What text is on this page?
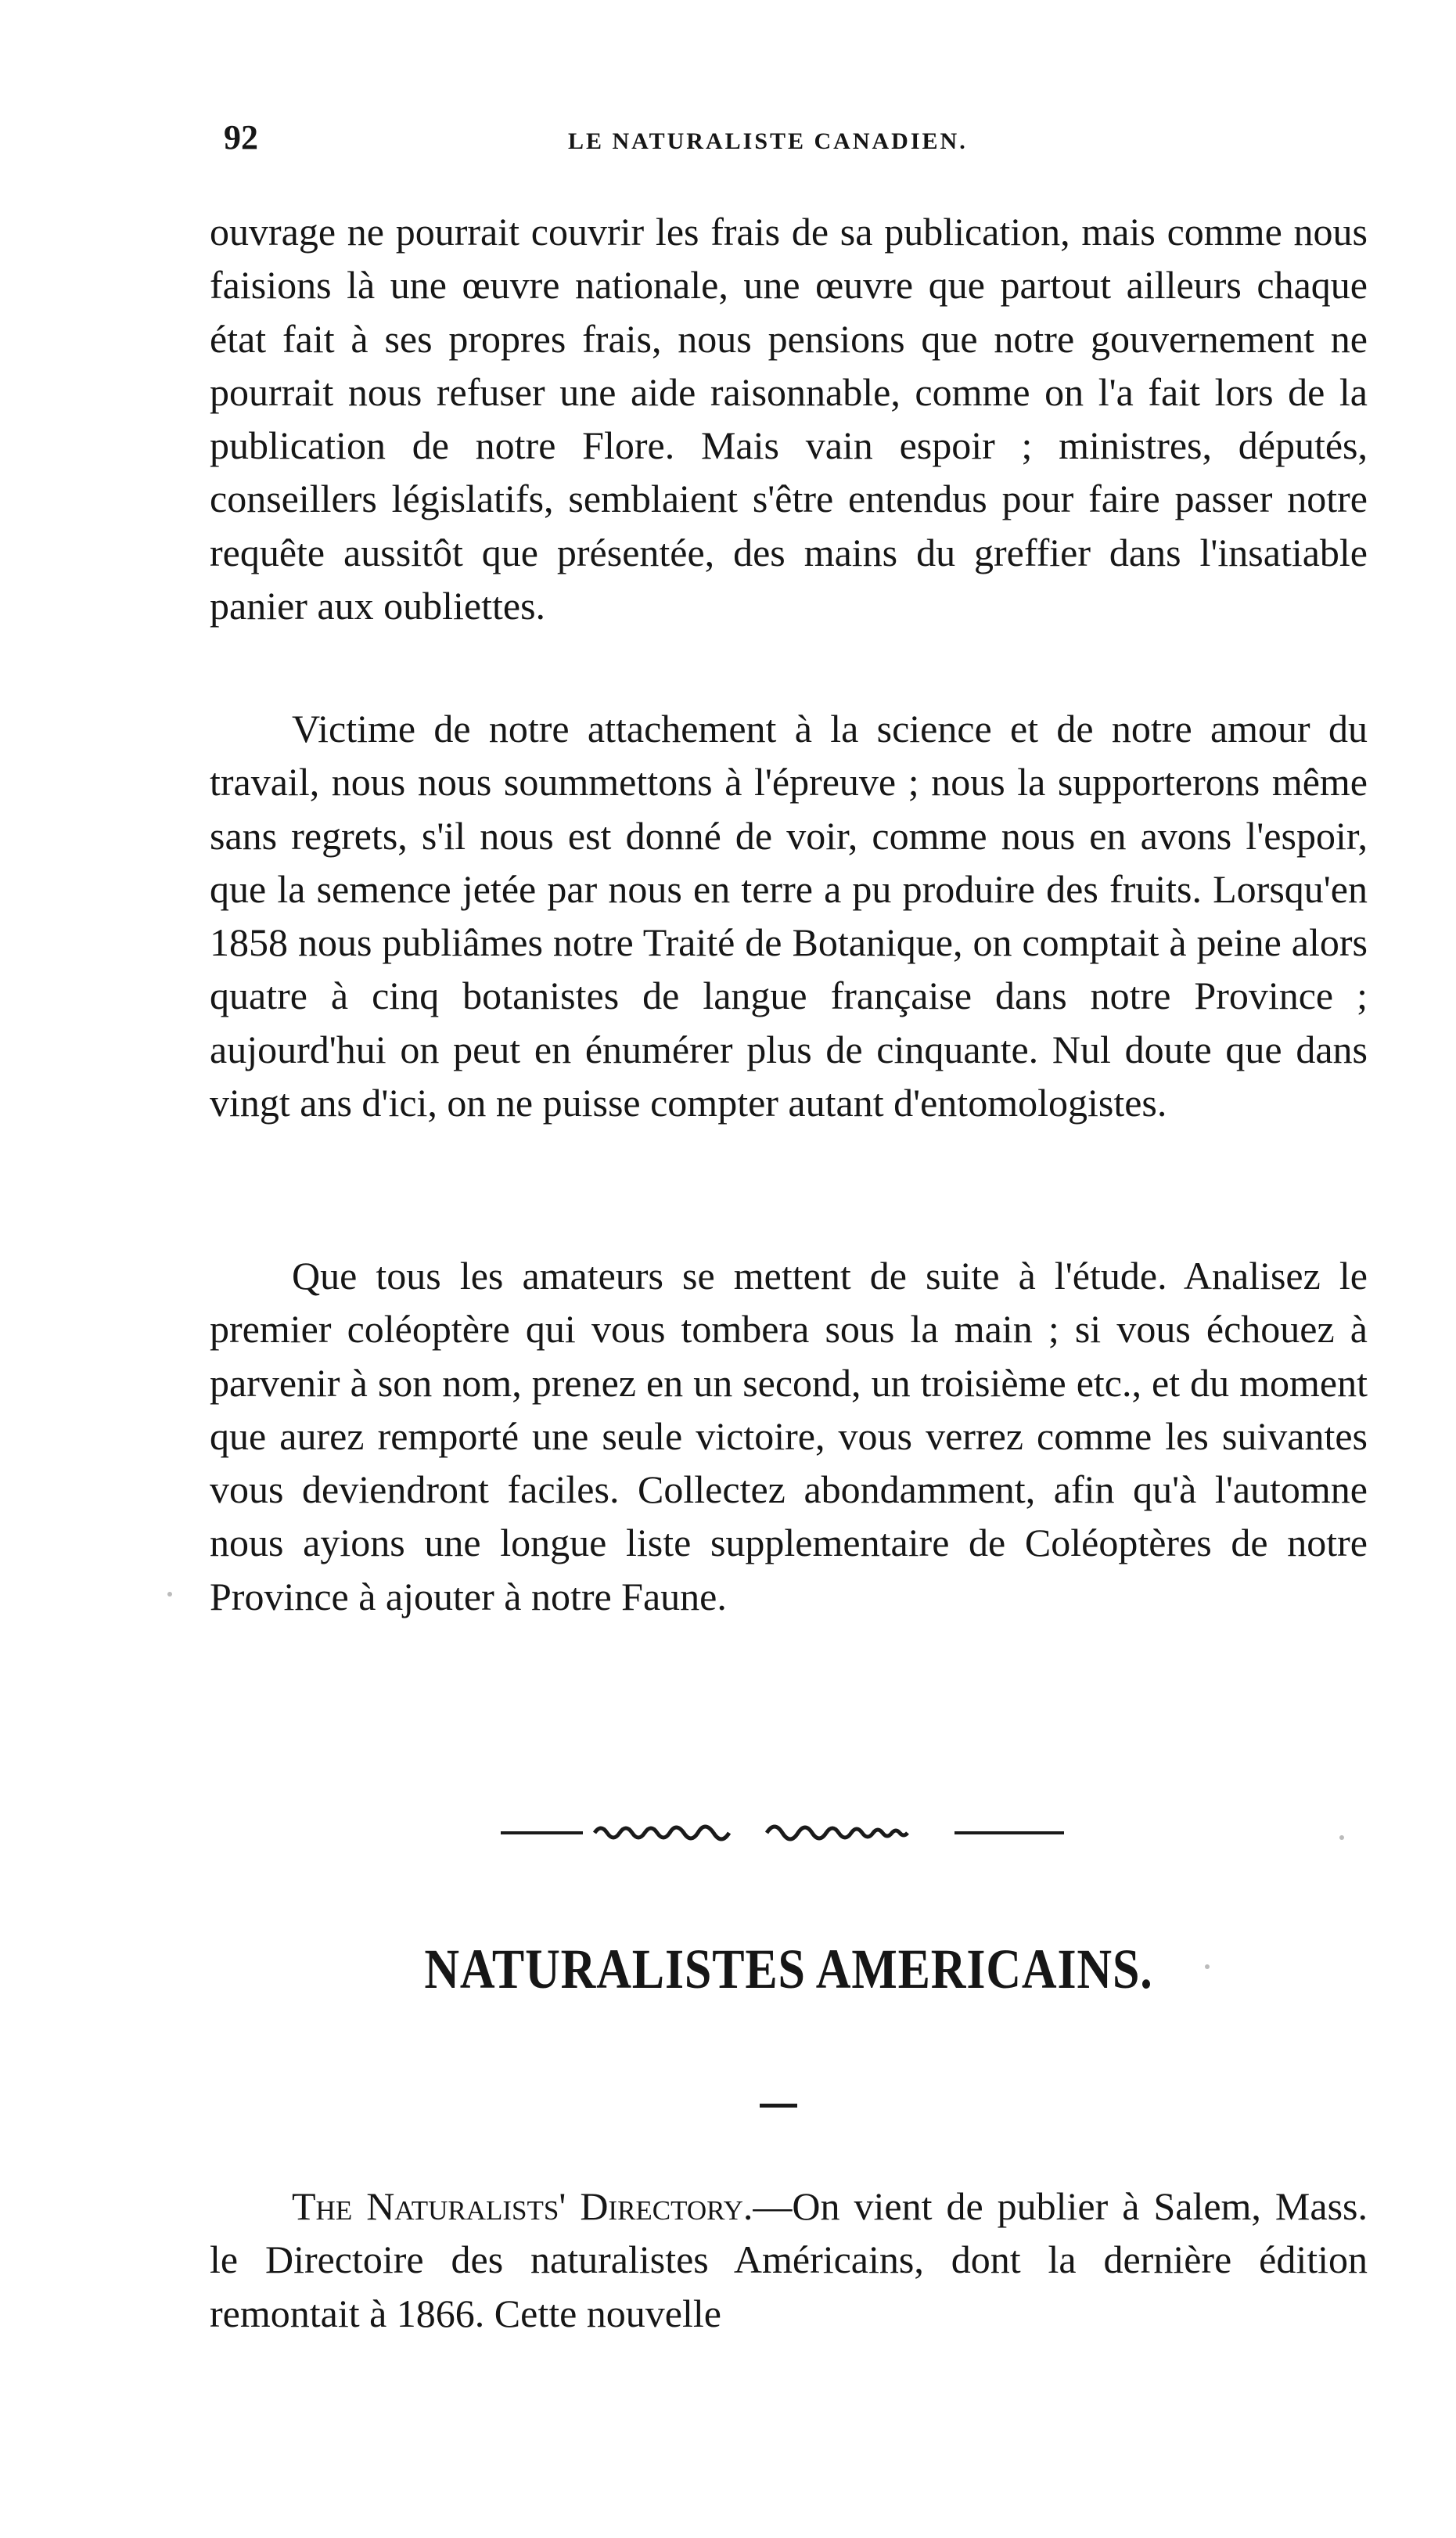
92	LE NATURALISTE CANADIEN.

ouvrage ne pourrait couvrir les frais de sa publication, mais comme nous faisions là une œuvre nationale, une œuvre que partout ailleurs chaque état fait à ses propres frais, nous pensions que notre gouvernement ne pourrait nous refuser une aide raisonnable, comme on l'a fait lors de la publication de notre Flore. Mais vain espoir ; ministres, députés, conseillers législatifs, semblaient s'être entendus pour faire passer notre requête aussitôt que présentée, des mains du greffier dans l'insatiable panier aux oubliettes.

Victime de notre attachement à la science et de notre amour du travail, nous nous soummettons à l'épreuve ; nous la supporterons même sans regrets, s'il nous est donné de voir, comme nous en avons l'espoir, que la semence jetée par nous en terre a pu produire des fruits. Lorsqu'en 1858 nous publiâmes notre Traité de Botanique, on comptait à peine alors quatre à cinq botanistes de langue française dans notre Province ; aujourd'hui on peut en énumérer plus de cinquante. Nul doute que dans vingt ans d'ici, on ne puisse compter autant d'entomologistes.

Que tous les amateurs se mettent de suite à l'étude. Analisez le premier coléoptère qui vous tombera sous la main ; si vous échouez à parvenir à son nom, prenez en un second, un troisième etc., et du moment que aurez remporté une seule victoire, vous verrez comme les suivantes vous deviendront faciles. Collectez abondamment, afin qu'à l'automne nous ayions une longue liste supplementaire de Coléoptères de notre Province à ajouter à notre Faune.

NATURALISTES AMERICAINS.

The Naturalists' Directory.—On vient de publier à Salem, Mass. le Directoire des naturalistes Américains, dont la dernière édition remontait à 1866. Cette nouvelle
